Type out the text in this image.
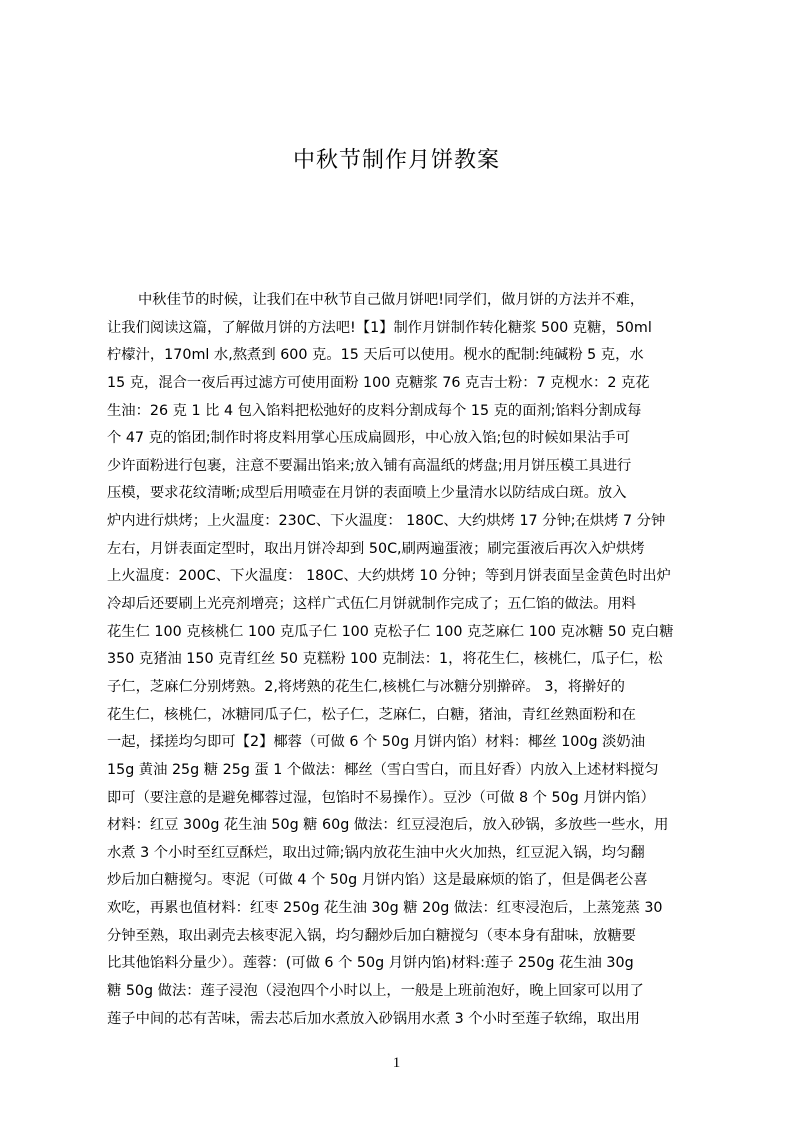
中秋节制作月饼教案
中秋佳节的时候，让我们在中秋节自己做月饼吧!同学们，做月饼的方法并不难，
让我们阅读这篇，了解做月饼的方法吧!【1】制作月饼制作转化糖浆 500 克糖，50ml
柠檬汁，170ml 水,熬煮到 600 克。15 天后可以使用。枧水的配制:纯碱粉 5 克，水
15 克，混合一夜后再过滤方可使用面粉 100 克糖浆 76 克吉士粉：7 克枧水：2 克花
生油：26 克 1 比 4 包入馅料把松弛好的皮料分割成每个 15 克的面剂;馅料分割成每
个 47 克的馅团;制作时将皮料用掌心压成扁圆形，中心放入馅;包的时候如果沾手可
少许面粉进行包裹，注意不要漏出馅来;放入铺有高温纸的烤盘;用月饼压模工具进行
压模，要求花纹清晰;成型后用喷壶在月饼的表面喷上少量清水以防结成白斑。放入
炉内进行烘烤；上火温度：230C、下火温度： 180C、大约烘烤 17 分钟;在烘烤 7 分钟
左右，月饼表面定型时，取出月饼冷却到 50C,刷两遍蛋液；刷完蛋液后再次入炉烘烤
上火温度：200C、下火温度： 180C、大约烘烤 10 分钟；等到月饼表面呈金黄色时出炉
冷却后还要刷上光亮剂增亮；这样广式伍仁月饼就制作完成了；五仁馅的做法。用料
花生仁 100 克核桃仁 100 克瓜子仁 100 克松子仁 100 克芝麻仁 100 克冰糖 50 克白糖
350 克猪油 150 克青红丝 50 克糕粉 100 克制法：1，将花生仁，核桃仁，瓜子仁，松
子仁，芝麻仁分别烤熟。2,将烤熟的花生仁,核桃仁与冰糖分别擀碎。 3，将擀好的
花生仁，核桃仁，冰糖同瓜子仁，松子仁，芝麻仁，白糖，猪油，青红丝熟面粉和在
一起，揉搓均匀即可【2】椰蓉（可做 6 个 50g 月饼内馅）材料：椰丝 100g 淡奶油
15g 黄油 25g 糖 25g 蛋 1 个做法：椰丝（雪白雪白，而且好香）内放入上述材料搅匀
即可（要注意的是避免椰蓉过湿，包馅时不易操作）。豆沙（可做 8 个 50g 月饼内馅）
材料：红豆 300g 花生油 50g 糖 60g 做法：红豆浸泡后，放入砂锅，多放些一些水，用
水煮 3 个小时至红豆酥烂，取出过筛;锅内放花生油中火火加热，红豆泥入锅，均匀翻
炒后加白糖搅匀。枣泥（可做 4 个 50g 月饼内馅）这是最麻烦的馅了，但是偶老公喜
欢吃，再累也值材料：红枣 250g 花生油 30g 糖 20g 做法：红枣浸泡后，上蒸笼蒸 30
分钟至熟，取出剥壳去核枣泥入锅，均匀翻炒后加白糖搅匀（枣本身有甜味，放糖要
比其他馅料分量少）。莲蓉：(可做 6 个 50g 月饼内馅)材料:莲子 250g 花生油 30g
糖 50g 做法：莲子浸泡（浸泡四个小时以上，一般是上班前泡好，晚上回家可以用了
莲子中间的芯有苦味，需去芯后加水煮放入砂锅用水煮 3 个小时至莲子软绵，取出用
1
